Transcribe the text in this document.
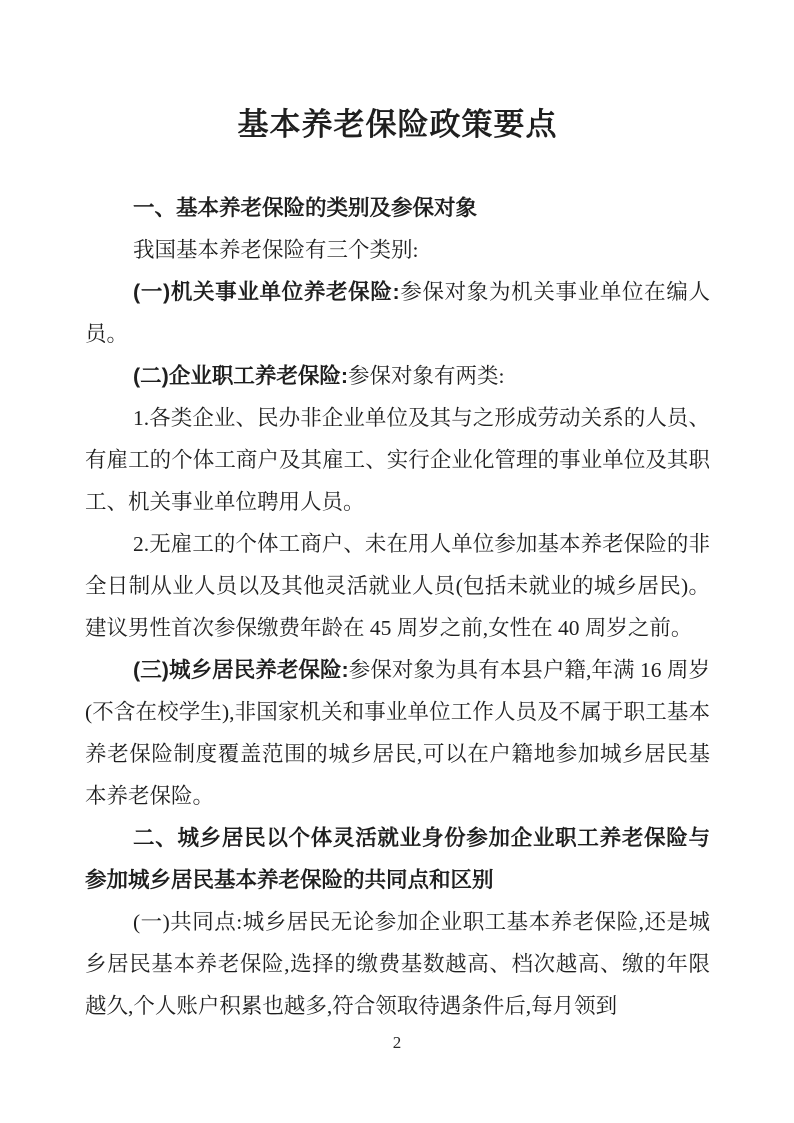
基本养老保险政策要点

一、基本养老保险的类别及参保对象

我国基本养老保险有三个类别:

(一)机关事业单位养老保险:参保对象为机关事业单位在编人员。

(二)企业职工养老保险:参保对象有两类:

1.各类企业、民办非企业单位及其与之形成劳动关系的人员、有雇工的个体工商户及其雇工、实行企业化管理的事业单位及其职工、机关事业单位聘用人员。

2.无雇工的个体工商户、未在用人单位参加基本养老保险的非全日制从业人员以及其他灵活就业人员(包括未就业的城乡居民)。建议男性首次参保缴费年龄在 45 周岁之前,女性在 40 周岁之前。

(三)城乡居民养老保险:参保对象为具有本县户籍,年满 16 周岁(不含在校学生),非国家机关和事业单位工作人员及不属于职工基本养老保险制度覆盖范围的城乡居民,可以在户籍地参加城乡居民基本养老保险。

二、城乡居民以个体灵活就业身份参加企业职工养老保险与参加城乡居民基本养老保险的共同点和区别

(一)共同点:城乡居民无论参加企业职工基本养老保险,还是城乡居民基本养老保险,选择的缴费基数越高、档次越高、缴的年限越久,个人账户积累也越多,符合领取待遇条件后,每月领到

2
